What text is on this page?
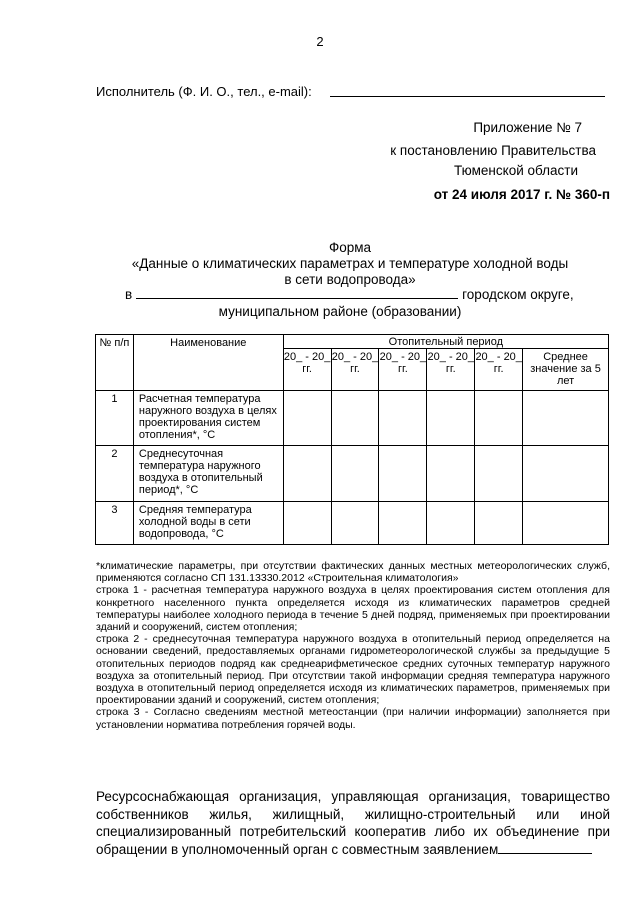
2
Исполнитель (Ф. И. О., тел., e-mail):
Приложение № 7
к постановлению Правительства
Тюменской области
от 24 июля 2017 г. № 360-п
Форма
«Данные о климатических параметрах и температуре холодной воды
в сети водопровода»
в	городском округе,
муниципальном районе (образовании)
№ п/п	Наименование	Отопительный период					
		20_ - 20_ гг.	20_ - 20_ гг.	20_ - 20_ гг.	20_ - 20_ гг.	20_ - 20_ гг.	Среднее значение за 5 лет
1	Расчетная температура наружного воздуха в целях проектирования систем отопления*, °С						
2	Среднесуточная температура наружного воздуха в отопительный период*, °С						
3	Средняя температура холодной воды в сети водопровода, °С						

*климатические параметры, при отсутствии фактических данных местных метеорологических служб, применяются согласно СП 131.13330.2012 «Строительная климатология»

строка 1 - расчетная температура наружного воздуха в целях проектирования систем отопления для конкретного населенного пункта определяется исходя из климатических параметров средней температуры наиболее холодного периода в течение 5 дней подряд, применяемых при проектировании зданий и сооружений, систем отопления;

строка 2 - среднесуточная температура наружного воздуха в отопительный период определяется на основании сведений, предоставляемых органами гидрометеорологической службы за предыдущие 5 отопительных периодов подряд как среднеарифметическое средних суточных температур наружного воздуха за отопительный период. При отсутствии такой информации средняя температура наружного воздуха в отопительный период определяется исходя из климатических параметров, применяемых при проектировании зданий и сооружений, систем отопления;

строка 3 - Согласно сведениям местной метеостанции (при наличии информации) заполняется при установлении норматива потребления горячей воды.

Ресурсоснабжающая организация, управляющая организация, товарищество собственников жилья, жилищный, жилищно-строительный или иной специализированный потребительский кооператив либо их объединение при обращении в уполномоченный орган с совместным заявлением
